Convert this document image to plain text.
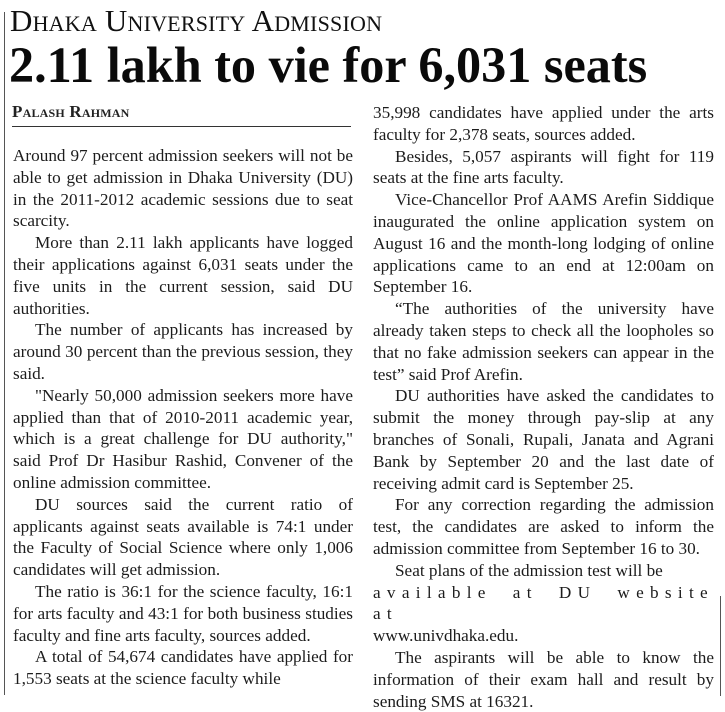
Dhaka University Admission
2.11 lakh to vie for 6,031 seats
Palash Rahman

Around 97 percent admission seekers will not be able to get admission in Dhaka University (DU) in the 2011-2012 academic sessions due to seat scarcity.

More than 2.11 lakh applicants have logged their applications against 6,031 seats under the five units in the current session, said DU authorities.

The number of applicants has increased by around 30 percent than the previous session, they said.

"Nearly 50,000 admission seekers more have applied than that of 2010-2011 academic year, which is a great challenge for DU authority," said Prof Dr Hasibur Rashid, Convener of the online admission committee.

DU sources said the current ratio of applicants against seats available is 74:1 under the Faculty of Social Science where only 1,006 candidates will get admission.

The ratio is 36:1 for the science faculty, 16:1 for arts faculty and 43:1 for both business studies faculty and fine arts faculty, sources added.

A total of 54,674 candidates have applied for 1,553 seats at the science faculty while

35,998 candidates have applied under the arts faculty for 2,378 seats, sources added.

Besides, 5,057 aspirants will fight for 119 seats at the fine arts faculty.

Vice-Chancellor Prof AAMS Arefin Siddique inaugurated the online application system on August 16 and the month-long lodging of online applications came to an end at 12:00am on September 16.

“The authorities of the university have already taken steps to check all the loopholes so that no fake admission seekers can appear in the test” said Prof Arefin.

DU authorities have asked the candidates to submit the money through pay-slip at any branches of Sonali, Rupali, Janata and Agrani Bank by September 20 and the last date of receiving admit card is September 25.

For any correction regarding the admission test, the candidates are asked to inform the admission committee from September 16 to 30.

Seat plans of the admission test will be

available at DU website at

www.univdhaka.edu.

The aspirants will be able to know the information of their exam hall and result by sending SMS at 16321.
